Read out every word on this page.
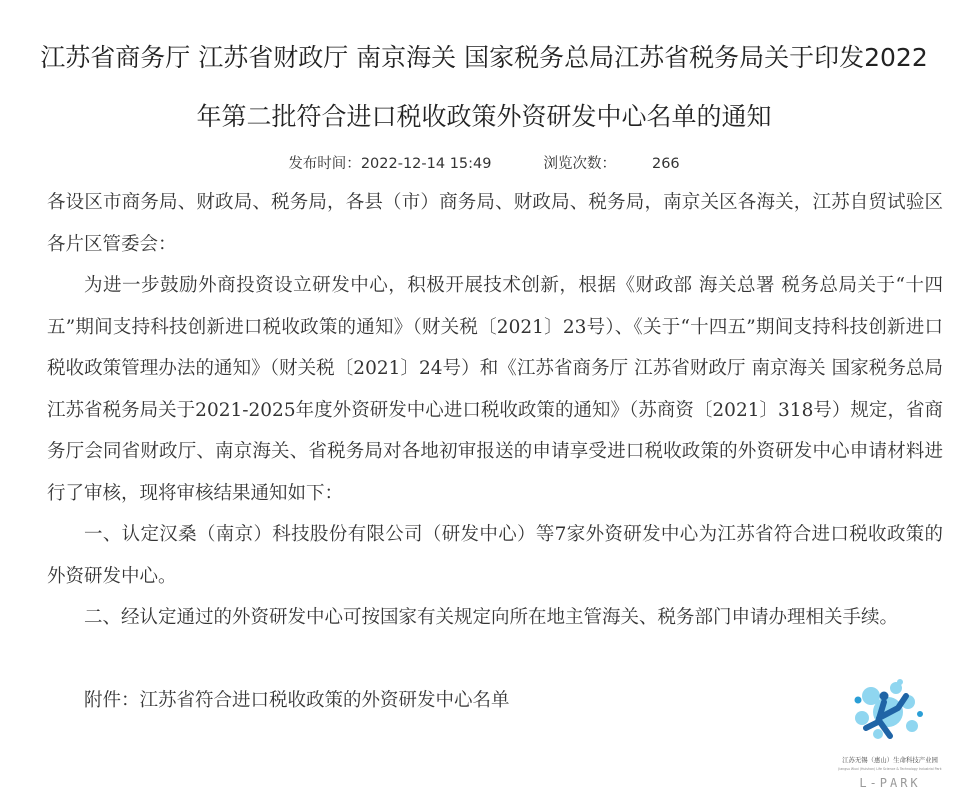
江苏省商务厅 江苏省财政厅 南京海关 国家税务总局江苏省税务局关于印发2022年第二批符合进口税收政策外资研发中心名单的通知
发布时间：2022-12-14 15:49	浏览次数： 266

各设区市商务局、财政局、税务局，各县（市）商务局、财政局、税务局，南京关区各海关，江苏自贸试验区各片区管委会：

为进一步鼓励外商投资设立研发中心，积极开展技术创新，根据《财政部 海关总署 税务总局关于“十四五”期间支持科技创新进口税收政策的通知》（财关税〔2021〕23号）、《关于“十四五”期间支持科技创新进口税收政策管理办法的通知》（财关税〔2021〕24号）和《江苏省商务厅 江苏省财政厅 南京海关 国家税务总局江苏省税务局关于2021-2025年度外资研发中心进口税收政策的通知》（苏商资〔2021〕318号）规定，省商务厅会同省财政厅、南京海关、省税务局对各地初审报送的申请享受进口税收政策的外资研发中心申请材料进行了审核，现将审核结果通知如下：

一、认定汉桑（南京）科技股份有限公司（研发中心）等7家外资研发中心为江苏省符合进口税收政策的外资研发中心。

二、经认定通过的外资研发中心可按国家有关规定向所在地主管海关、税务部门申请办理相关手续。

附件：江苏省符合进口税收政策的外资研发中心名单

江苏无锡（惠山）生命科技产业园
Jiangsu Wuxi (Huishan) Life Science & Technology Industrial Park
L-PARK
